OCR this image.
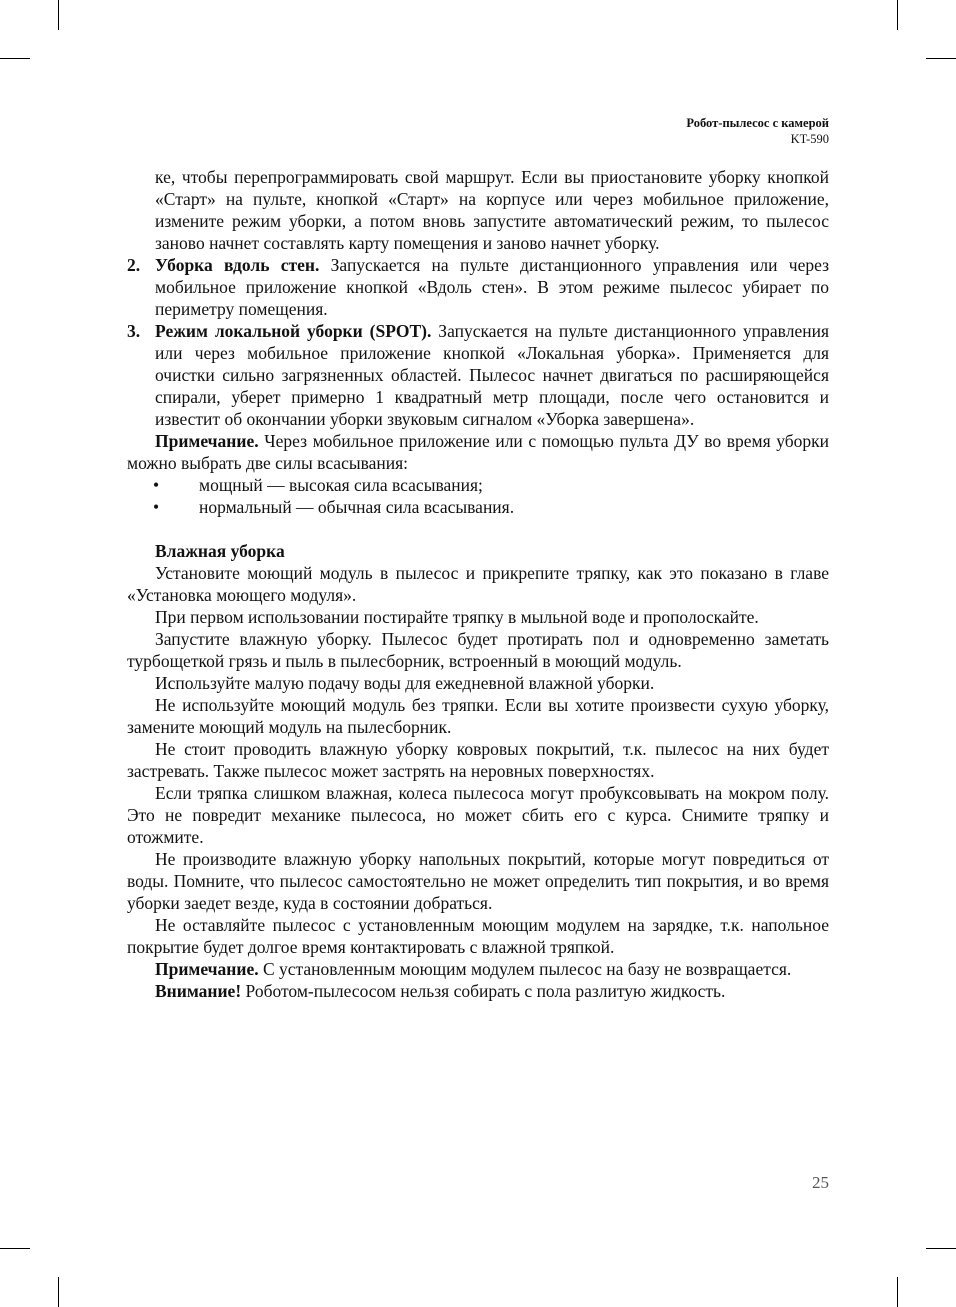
Робот-пылесос с камерой
KT-590

ке, чтобы перепрограммировать свой маршрут. Если вы приостановите уборку кнопкой «Старт» на пульте, кнопкой «Старт» на корпусе или через мобильное приложение, измените режим уборки, а потом вновь запустите автоматический режим, то пылесос заново начнет составлять карту помещения и заново начнет уборку.

2. Уборка вдоль стен. Запускается на пульте дистанционного управления или через мобильное приложение кнопкой «Вдоль стен». В этом режиме пылесос убирает по периметру помещения.
3. Режим локальной уборки (SPOT). Запускается на пульте дистанционного управления или через мобильное приложение кнопкой «Локальная уборка». Применяется для очистки сильно загрязненных областей. Пылесос начнет двигаться по расширяющейся спирали, уберет примерно 1 квадратный метр площади, после чего остановится и известит об окончании уборки звуковым сигналом «Уборка завершена».

Примечание. Через мобильное приложение или с помощью пульта ДУ во время уборки можно выбрать две силы всасывания:

•	мощный — высокая сила всасывания;
•	нормальный — обычная сила всасывания.

Влажная уборка

Установите моющий модуль в пылесос и прикрепите тряпку, как это показано в главе «Установка моющего модуля».

При первом использовании постирайте тряпку в мыльной воде и прополоскайте.

Запустите влажную уборку. Пылесос будет протирать пол и одновременно заметать турбощеткой грязь и пыль в пылесборник, встроенный в моющий модуль.

Используйте малую подачу воды для ежедневной влажной уборки.

Не используйте моющий модуль без тряпки. Если вы хотите произвести сухую уборку, замените моющий модуль на пылесборник.

Не стоит проводить влажную уборку ковровых покрытий, т.к. пылесос на них будет застревать. Также пылесос может застрять на неровных поверхностях.

Если тряпка слишком влажная, колеса пылесоса могут пробуксовывать на мокром полу. Это не повредит механике пылесоса, но может сбить его с курса. Снимите тряпку и отожмите.

Не производите влажную уборку напольных покрытий, которые могут повредиться от воды. Помните, что пылесос самостоятельно не может определить тип покрытия, и во время уборки заедет везде, куда в состоянии добраться.

Не оставляйте пылесос с установленным моющим модулем на зарядке, т.к. напольное покрытие будет долгое время контактировать с влажной тряпкой.

Примечание. С установленным моющим модулем пылесос на базу не возвращается.

Внимание! Роботом-пылесосом нельзя собирать с пола разлитую жидкость.

25
